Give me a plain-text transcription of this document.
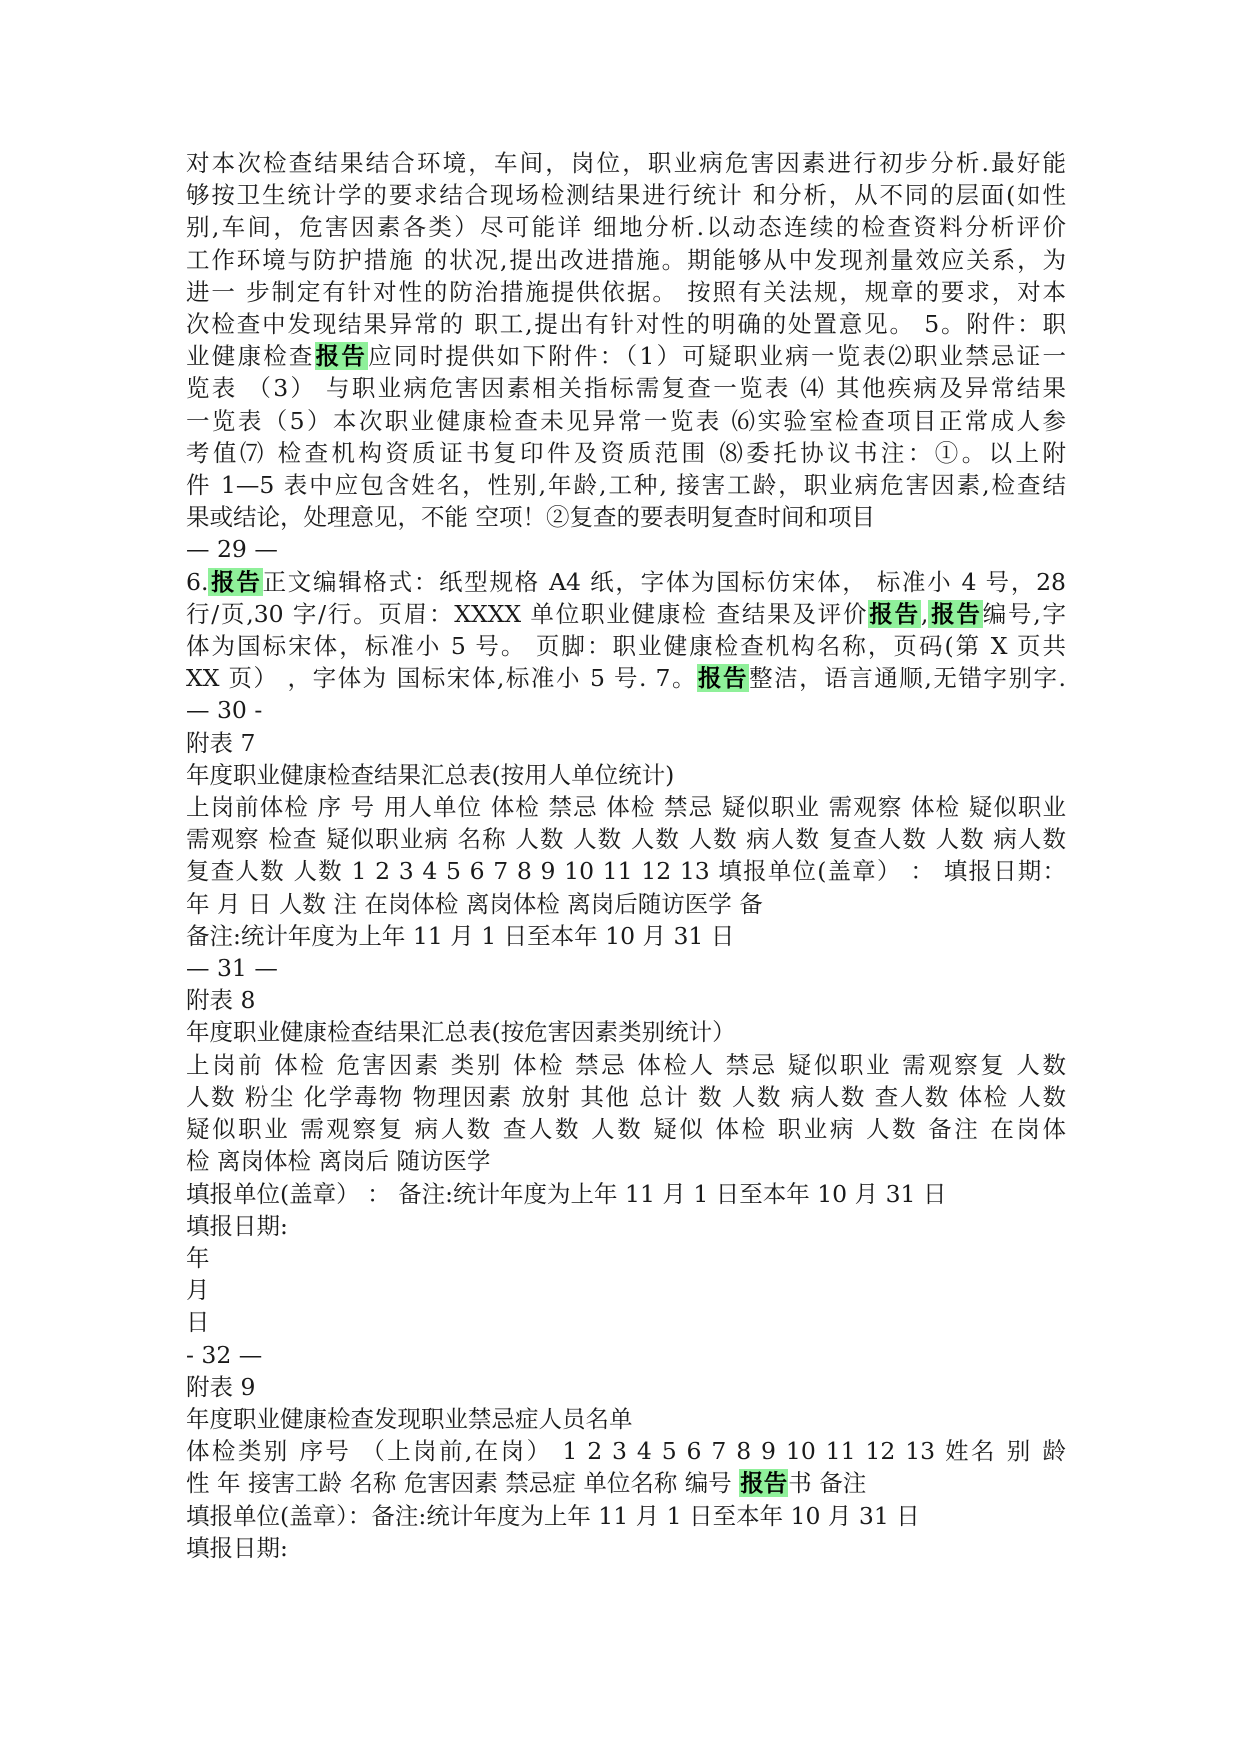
对本次检查结果结合环境，车间，岗位，职业病危害因素进行初步分析.最好能
够按卫生统计学的要求结合现场检测结果进行统计 和分析，从不同的层面(如性
别,车间，危害因素各类）尽可能详 细地分析.以动态连续的检查资料分析评价
工作环境与防护措施 的状况,提出改进措施。期能够从中发现剂量效应关系，为
进一 步制定有针对性的防治措施提供依据。 按照有关法规，规章的要求，对本
次检查中发现结果异常的 职工,提出有针对性的明确的处置意见。 5。附件：职
业健康检查报告应同时提供如下附件：（1）可疑职业病一览表⑵职业禁忌证一
览表 （3） 与职业病危害因素相关指标需复查一览表 ⑷ 其他疾病及异常结果
一览表（5）本次职业健康检查未见异常一览表 ⑹实验室检查项目正常成人参
考值⑺ 检查机构资质证书复印件及资质范围 ⑻委托协议书注：①。以上附
件 1—5 表中应包含姓名，性别,年龄,工种, 接害工龄，职业病危害因素,检查结
果或结论，处理意见，不能 空项！②复查的要表明复查时间和项目
— 29 —
6.报告正文编辑格式：纸型规格 A4 纸，字体为国标仿宋体， 标准小 4 号，28
行/页,30 字/行。页眉：XXXX 单位职业健康检 查结果及评价报告,报告编号,字
体为国标宋体，标准小 5 号。 页脚：职业健康检查机构名称，页码(第 X 页共
XX 页） ，字体为 国标宋体,标准小 5 号. 7。报告整洁，语言通顺,无错字别字.
— 30 -
附表 7
年度职业健康检查结果汇总表(按用人单位统计)
上岗前体检 序 号 用人单位 体检 禁忌 体检 禁忌 疑似职业 需观察 体检 疑似职业
需观察 检查 疑似职业病 名称 人数 人数 人数 人数 病人数 复查人数 人数 病人数
复查人数 人数 1 2 3 4 5 6 7 8 9 10 11 12 13 填报单位(盖章） ： 填报日期：
年 月 日 人数 注 在岗体检 离岗体检 离岗后随访医学 备
备注:统计年度为上年 11 月 1 日至本年 10 月 31 日
— 31 —
附表 8
年度职业健康检查结果汇总表(按危害因素类别统计）
上岗前 体检 危害因素 类别 体检 禁忌 体检人 禁忌 疑似职业 需观察复 人数
人数 粉尘 化学毒物 物理因素 放射 其他 总计 数 人数 病人数 查人数 体检 人数
疑似职业 需观察复 病人数 查人数 人数 疑似 体检 职业病 人数 备注 在岗体
检 离岗体检 离岗后 随访医学
填报单位(盖章） ： 备注:统计年度为上年 11 月 1 日至本年 10 月 31 日
填报日期:
年
月
日
- 32 —
附表 9
年度职业健康检查发现职业禁忌症人员名单
体检类别 序号 （上岗前,在岗） 1 2 3 4 5 6 7 8 9 10 11 12 13 姓名 别 龄
性 年 接害工龄 名称 危害因素 禁忌症 单位名称 编号 报告书 备注
填报单位(盖章）：备注:统计年度为上年 11 月 1 日至本年 10 月 31 日
填报日期:
